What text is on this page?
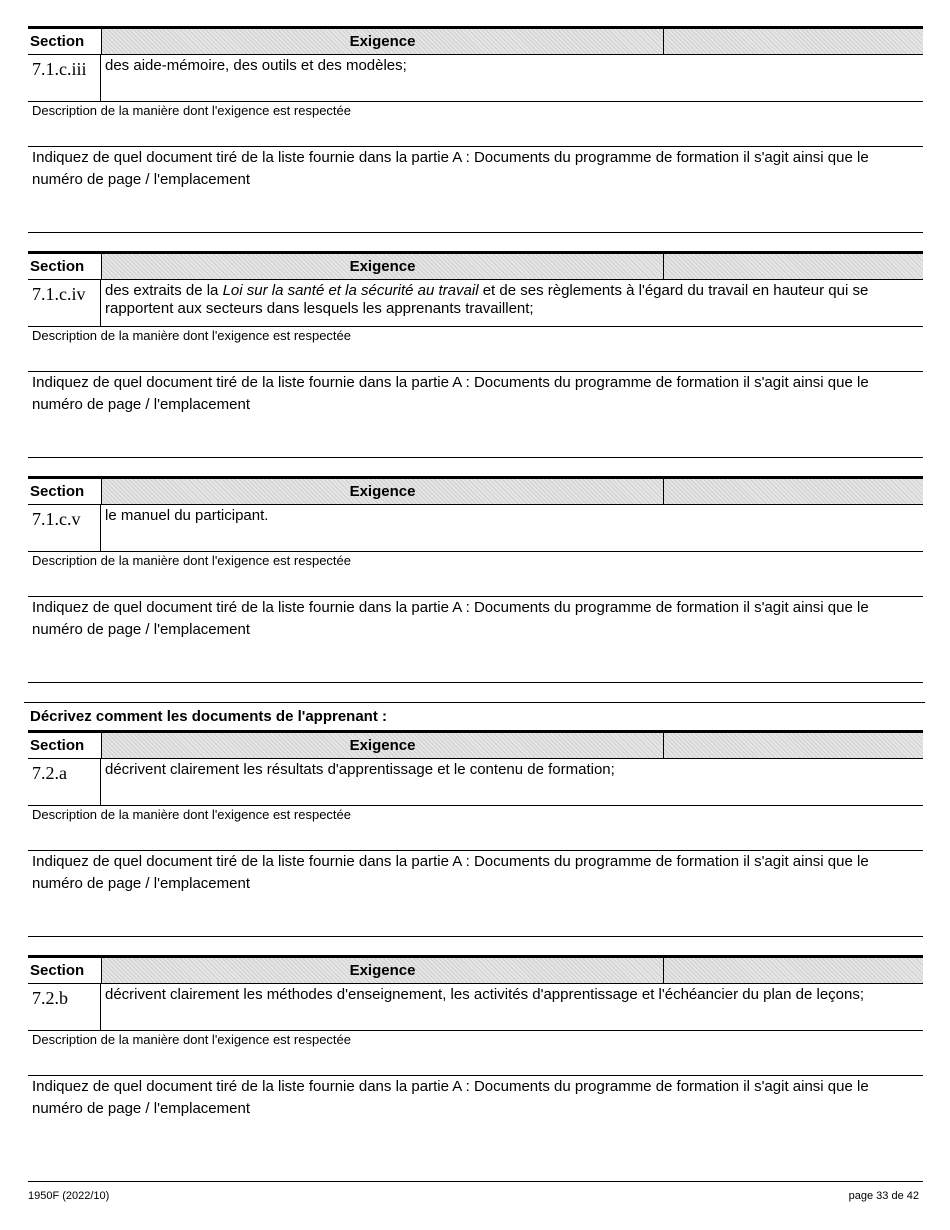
Section	Exigence
7.1.c.iii	des aide-mémoire, des outils et des modèles;
Description de la manière dont l'exigence est respectée
Indiquez de quel document tiré de la liste fournie dans la partie A : Documents du programme de formation il s'agit ainsi que le numéro de page / l'emplacement
Section	Exigence
7.1.c.iv	des extraits de la Loi sur la santé et la sécurité au travail et de ses règlements à l'égard du travail en hauteur qui se rapportent aux secteurs dans lesquels les apprenants travaillent;
Description de la manière dont l'exigence est respectée
Indiquez de quel document tiré de la liste fournie dans la partie A : Documents du programme de formation il s'agit ainsi que le numéro de page / l'emplacement
Section	Exigence
7.1.c.v	le manuel du participant.
Description de la manière dont l'exigence est respectée
Indiquez de quel document tiré de la liste fournie dans la partie A : Documents du programme de formation il s'agit ainsi que le numéro de page / l'emplacement
Décrivez comment les documents de l'apprenant :
Section	Exigence
7.2.a	décrivent clairement les résultats d'apprentissage et le contenu de formation;
Description de la manière dont l'exigence est respectée
Indiquez de quel document tiré de la liste fournie dans la partie A : Documents du programme de formation il s'agit ainsi que le numéro de page / l'emplacement
Section	Exigence
7.2.b	décrivent clairement les méthodes d'enseignement, les activités d'apprentissage et l'échéancier du plan de leçons;
Description de la manière dont l'exigence est respectée
Indiquez de quel document tiré de la liste fournie dans la partie A : Documents du programme de formation il s'agit ainsi que le numéro de page / l'emplacement
1950F (2022/10)	page 33 de 42
